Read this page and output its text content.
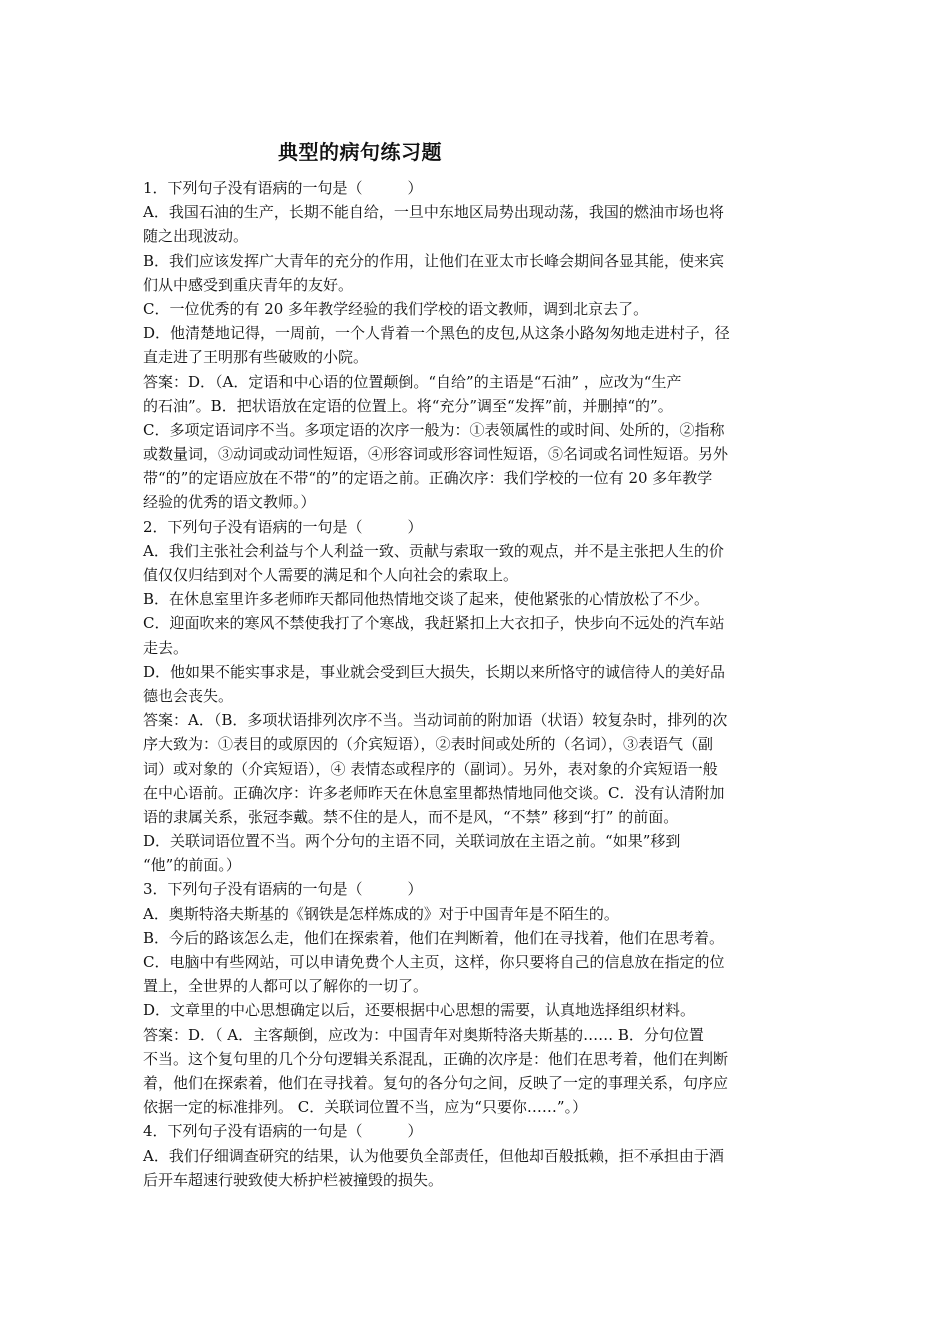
典型的病句练习题
1．下列句子没有语病的一句是（　　　）
A．我国石油的生产，长期不能自给，一旦中东地区局势出现动荡，我国的燃油市场也将
随之出现波动。
B．我们应该发挥广大青年的充分的作用，让他们在亚太市长峰会期间各显其能，使来宾
们从中感受到重庆青年的友好。
C．一位优秀的有 20 多年教学经验的我们学校的语文教师，调到北京去了。
D．他清楚地记得，一周前，一个人背着一个黑色的皮包,从这条小路匆匆地走进村子，径
直走进了王明那有些破败的小院。
答案：D．（A．定语和中心语的位置颠倒。“自给”的主语是“石油” ，应改为“生产
的石油”。B．把状语放在定语的位置上。将“充分”调至“发挥”前，并删掉“的”。
C．多项定语词序不当。多项定语的次序一般为：①表领属性的或时间、处所的，②指称
或数量词，③动词或动词性短语，④形容词或形容词性短语，⑤名词或名词性短语。另外
带“的”的定语应放在不带“的”的定语之前。正确次序：我们学校的一位有 20 多年教学
经验的优秀的语文教师。）
2．下列句子没有语病的一句是（　　　）
A．我们主张社会利益与个人利益一致、贡献与索取一致的观点，并不是主张把人生的价
值仅仅归结到对个人需要的满足和个人向社会的索取上。
B．在休息室里许多老师昨天都同他热情地交谈了起来，使他紧张的心情放松了不少。
C．迎面吹来的寒风不禁使我打了个寒战，我赶紧扣上大衣扣子，快步向不远处的汽车站
走去。
D．他如果不能实事求是，事业就会受到巨大损失，长期以来所恪守的诚信待人的美好品
德也会丧失。
答案：A．（B．多项状语排列次序不当。当动词前的附加语（状语）较复杂时，排列的次
序大致为：①表目的或原因的（介宾短语），②表时间或处所的（名词），③表语气（副
词）或对象的（介宾短语），④ 表情态或程序的（副词）。另外，表对象的介宾短语一般
在中心语前。正确次序：许多老师昨天在休息室里都热情地同他交谈。C．没有认清附加
语的隶属关系，张冠李戴。禁不住的是人，而不是风，“不禁” 移到“打” 的前面。
D．关联词语位置不当。两个分句的主语不同，关联词放在主语之前。“如果”移到
“他”的前面。）
3．下列句子没有语病的一句是（　　　）
A．奥斯特洛夫斯基的《钢铁是怎样炼成的》对于中国青年是不陌生的。
B．今后的路该怎么走，他们在探索着，他们在判断着，他们在寻找着，他们在思考着。
C．电脑中有些网站，可以申请免费个人主页，这样，你只要将自己的信息放在指定的位
置上，全世界的人都可以了解你的一切了。
D．文章里的中心思想确定以后，还要根据中心思想的需要，认真地选择组织材料。
答案：D．（ A．主客颠倒，应改为：中国青年对奥斯特洛夫斯基的…… B．分句位置
不当。这个复句里的几个分句逻辑关系混乱，正确的次序是：他们在思考着，他们在判断
着，他们在探索着，他们在寻找着。复句的各分句之间，反映了一定的事理关系，句序应
依据一定的标准排列。 C．关联词位置不当，应为“只要你……”。）
4．下列句子没有语病的一句是（　　　）
A．我们仔细调查研究的结果，认为他要负全部责任，但他却百般抵赖，拒不承担由于酒
后开车超速行驶致使大桥护栏被撞毁的损失。
